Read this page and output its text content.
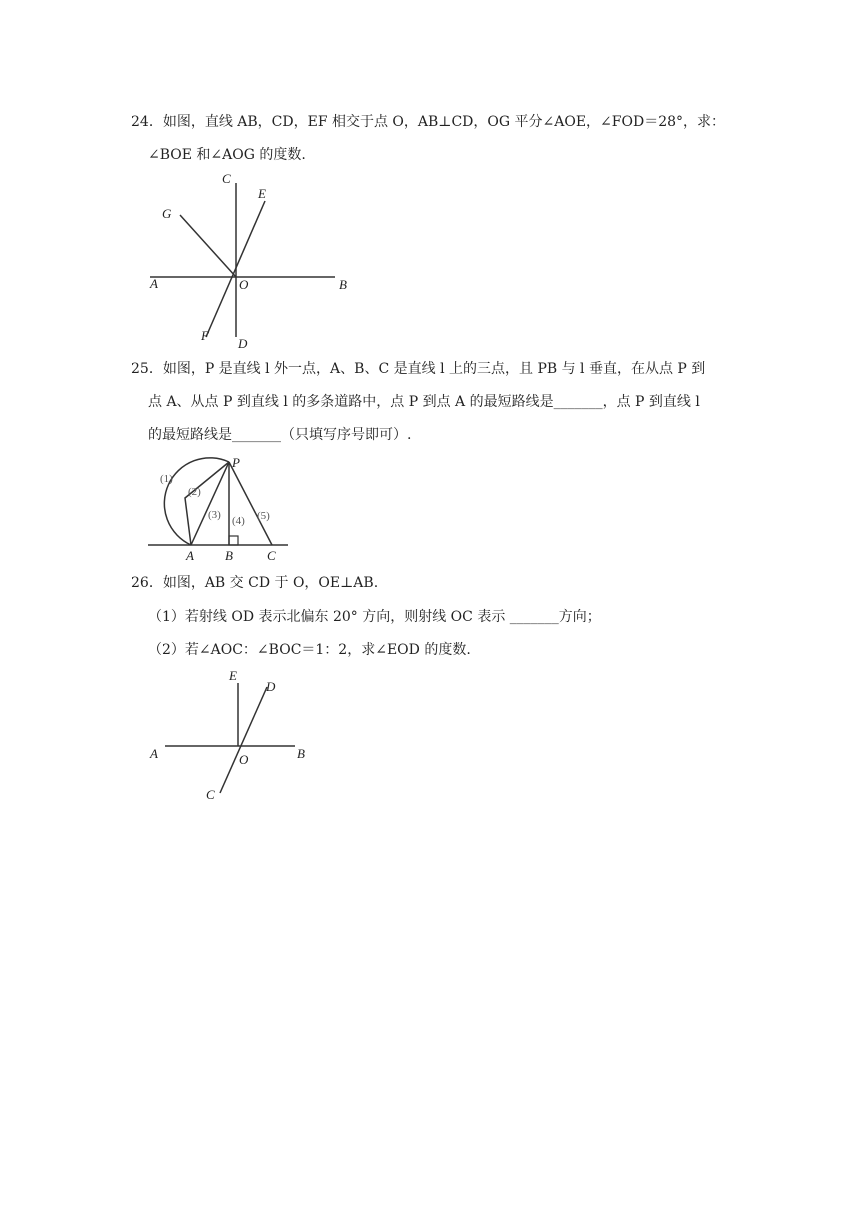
24．如图，直线 AB，CD，EF 相交于点 O，AB⊥CD，OG 平分∠AOE，∠FOD＝28°，求：
∠BOE 和∠AOG 的度数.
C
E
G
A	O	B
F
D
25．如图，P 是直线 l 外一点，A、B、C 是直线 l 上的三点，且 PB 与 l 垂直，在从点 P 到
点 A、从点 P 到直线 l 的多条道路中，点 P 到点 A 的最短路线是_______，点 P 到直线 l
的最短路线是_______（只填写序号即可）.
P
A B	C
(1)
(2)
(3) (4) (5)
26．如图，AB 交 CD 于 O，OE⊥AB.
（1）若射线 OD 表示北偏东 20° 方向，则射线 OC 表示 _______方向；
（2）若∠AOC：∠BOC＝1：2，求∠EOD 的度数.
E
D
A	O	B
C
